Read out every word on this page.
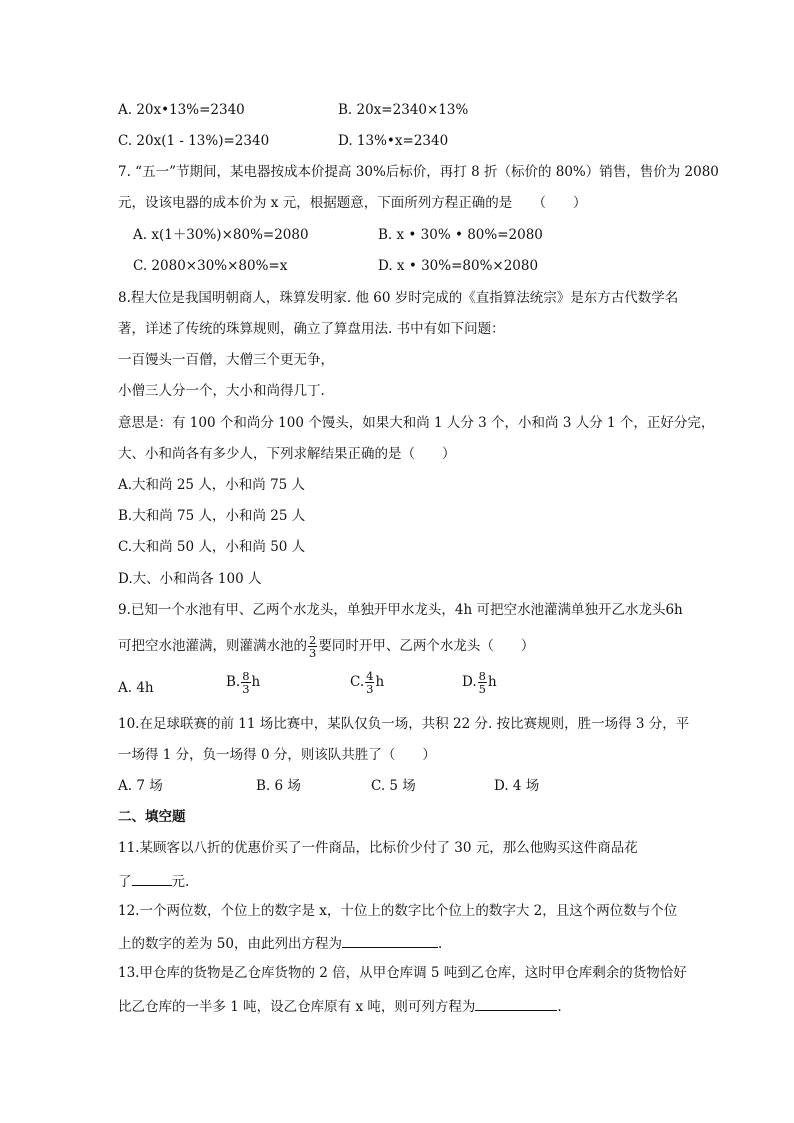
A. 20x•13%=2340	B. 20x=2340×13%
C. 20x(1 - 13%)=2340	D. 13%•x=2340
7. “五一”节期间，某电器按成本价提高 30%后标价，再打 8 折（标价的 80%）销售，售价为 2080
元，设该电器的成本价为 x 元，根据题意，下面所列方程正确的是　　（　　）
A. x(1＋30%)×80%=2080	B. x • 30% • 80%=2080
C. 2080×30%×80%=x	D. x • 30%=80%×2080
8.程大位是我国明朝商人，珠算发明家. 他 60 岁时完成的《直指算法统宗》是东方古代数学名
著，详述了传统的珠算规则，确立了算盘用法. 书中有如下问题：
一百馒头一百僧，大僧三个更无争，
小僧三人分一个，大小和尚得几丁.
意思是：有 100 个和尚分 100 个馒头，如果大和尚 1 人分 3 个，小和尚 3 人分 1 个，正好分完，
大、小和尚各有多少人，下列求解结果正确的是（　　）
A.大和尚 25 人，小和尚 75 人
B.大和尚 75 人，小和尚 25 人
C.大和尚 50 人，小和尚 50 人
D.大、小和尚各 100 人
9.已知一个水池有甲、乙两个水龙头，单独开甲水龙头，4h 可把空水池灌满单独开乙水龙头6h
可把空水池灌满，则灌满水池的 $\frac{2}{3}$ 要同时开甲、乙两个水龙头（　　）
A. 4h	B. $\frac{8}{3}$ h	C. $\frac{4}{3}$ h	D. $\frac{8}{5}$ h
10.在足球联赛的前 11 场比赛中，某队仅负一场，共积 22 分. 按比赛规则，胜一场得 3 分，平
一场得 1 分，负一场得 0 分，则该队共胜了（　　）
A. 7 场	B. 6 场	C. 5 场	D. 4 场
二、填空题
11.某顾客以八折的优惠价买了一件商品，比标价少付了 30 元，那么他购买这件商品花
了	元.
12.一个两位数，个位上的数字是 x，十位上的数字比个位上的数字大 2，且这个两位数与个位
上的数字的差为 50，由此列出方程为	.
13.甲仓库的货物是乙仓库货物的 2 倍，从甲仓库调 5 吨到乙仓库，这时甲仓库剩余的货物恰好
比乙仓库的一半多 1 吨，设乙仓库原有 x 吨，则可列方程为	.
